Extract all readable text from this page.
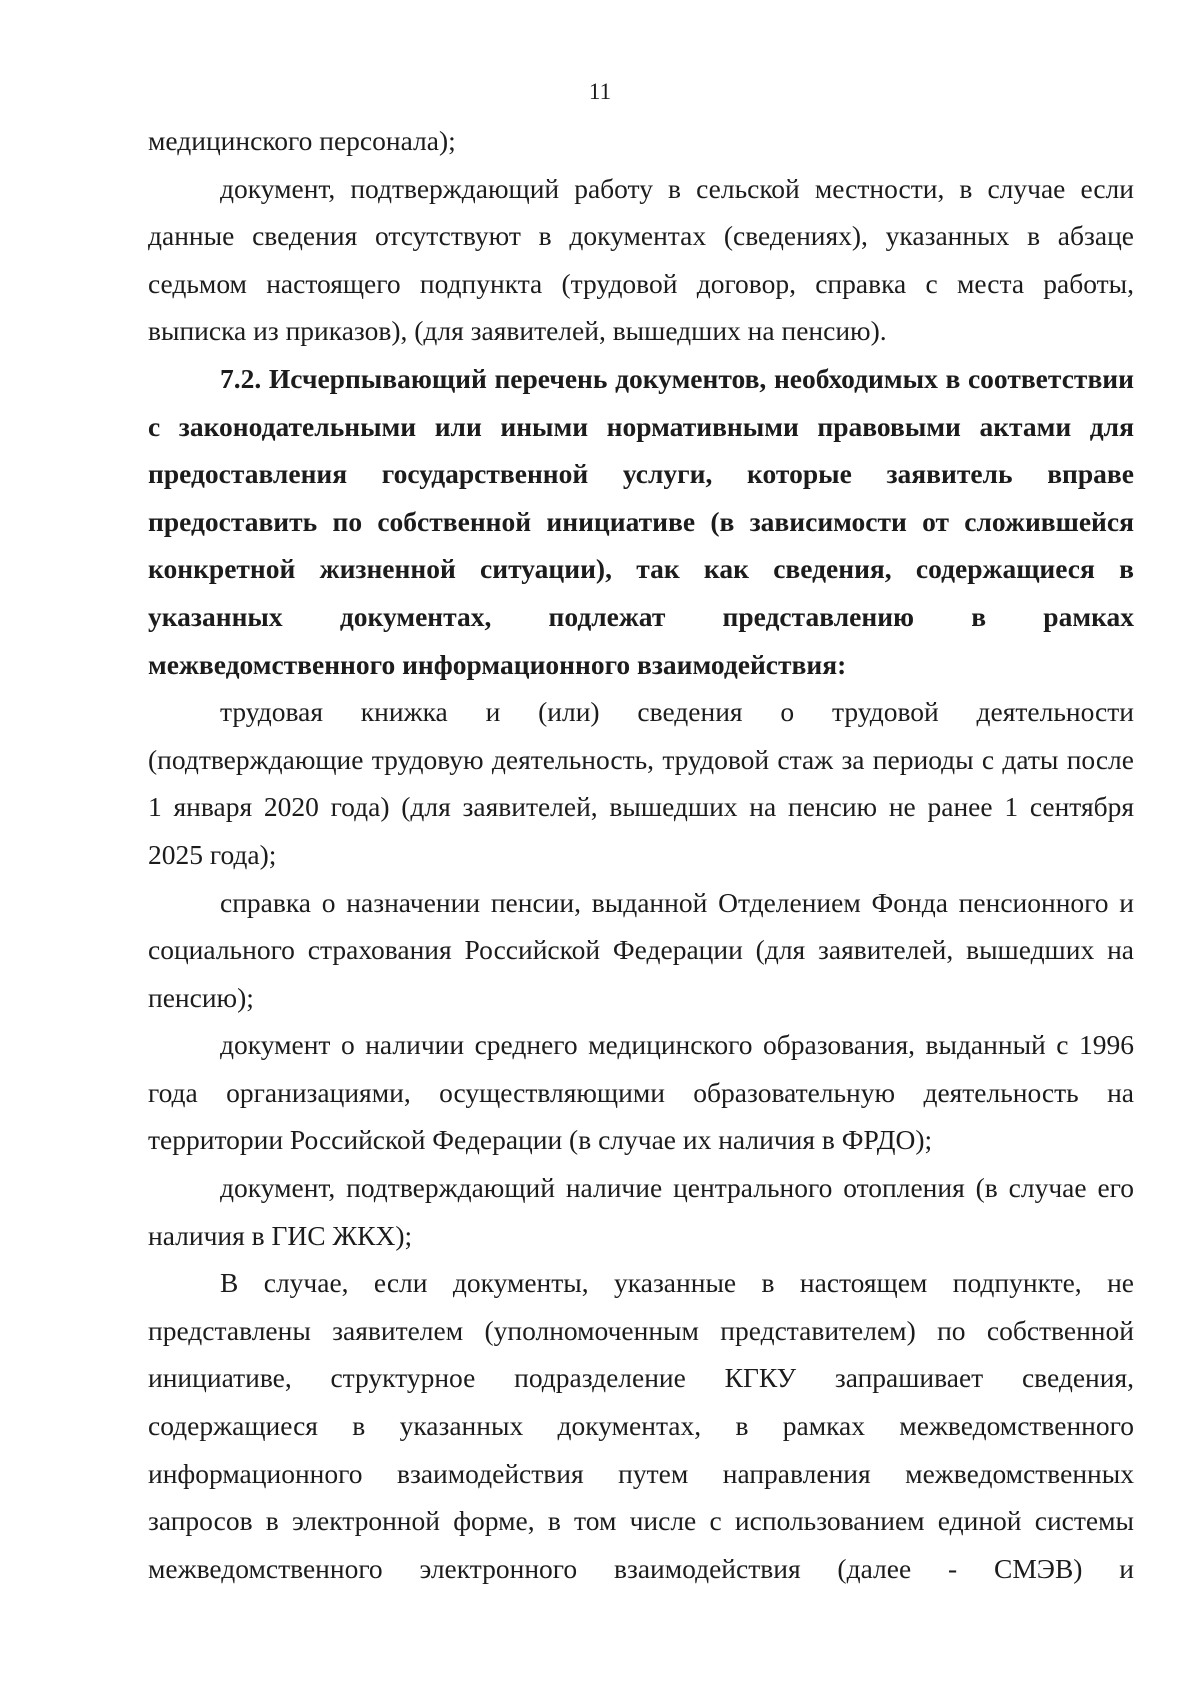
11

медицинского персонала);

документ, подтверждающий работу в сельской местности, в случае если данные сведения отсутствуют в документах (сведениях), указанных в абзаце седьмом настоящего подпункта (трудовой договор, справка с места работы, выписка из приказов), (для заявителей, вышедших на пенсию).

7.2. Исчерпывающий перечень документов, необходимых в соответствии с законодательными или иными нормативными правовыми актами для предоставления государственной услуги, которые заявитель вправе предоставить по собственной инициативе (в зависимости от сложившейся конкретной жизненной ситуации), так как сведения, содержащиеся в указанных документах, подлежат представлению в рамках межведомственного информационного взаимодействия:

трудовая книжка и (или) сведения о трудовой деятельности (подтверждающие трудовую деятельность, трудовой стаж за периоды с даты после 1 января 2020 года) (для заявителей, вышедших на пенсию не ранее 1 сентября 2025 года);

справка о назначении пенсии, выданной Отделением Фонда пенсионного и социального страхования Российской Федерации (для заявителей, вышедших на пенсию);

документ о наличии среднего медицинского образования, выданный с 1996 года организациями, осуществляющими образовательную деятельность на территории Российской Федерации (в случае их наличия в ФРДО);

документ, подтверждающий наличие центрального отопления (в случае его наличия в ГИС ЖКХ);

В случае, если документы, указанные в настоящем подпункте, не представлены заявителем (уполномоченным представителем) по собственной инициативе, структурное подразделение КГКУ запрашивает сведения, содержащиеся в указанных документах, в рамках межведомственного информационного взаимодействия путем направления межведомственных запросов в электронной форме, в том числе с использованием единой системы межведомственного электронного взаимодействия (далее - СМЭВ) и
